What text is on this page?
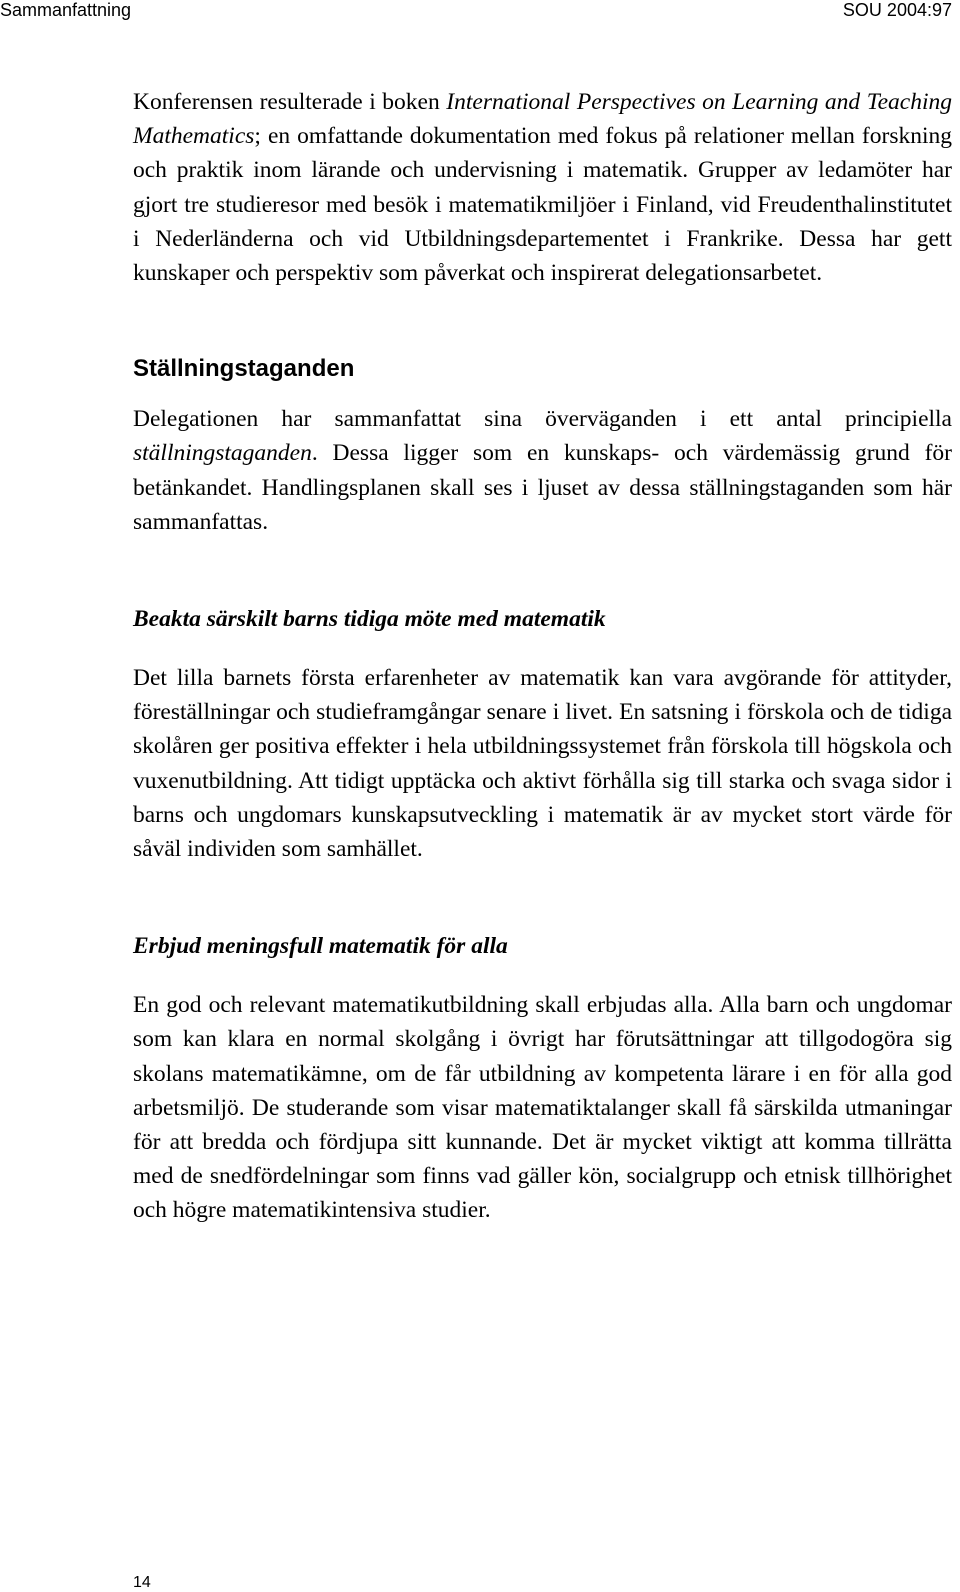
Sammanfattning	SOU 2004:97

Konferensen resulterade i boken International Perspectives on Learning and Teaching Mathematics; en omfattande dokumentation med fokus på relationer mellan forskning och praktik inom lärande och undervisning i matematik. Grupper av ledamöter har gjort tre studieresor med besök i matematikmiljöer i Finland, vid Freudenthalinstitutet i Nederländerna och vid Utbildningsdepartementet i Frankrike. Dessa har gett kunskaper och perspektiv som påverkat och inspirerat delegationsarbetet.

Ställningstaganden

Delegationen har sammanfattat sina överväganden i ett antal principiella ställningstaganden. Dessa ligger som en kunskaps- och värdemässig grund för betänkandet. Handlingsplanen skall ses i ljuset av dessa ställningstaganden som här sammanfattas.

Beakta särskilt barns tidiga möte med matematik

Det lilla barnets första erfarenheter av matematik kan vara avgörande för attityder, föreställningar och studieframgångar senare i livet. En satsning i förskola och de tidiga skolåren ger positiva effekter i hela utbildningssystemet från förskola till högskola och vuxenutbildning. Att tidigt upptäcka och aktivt förhålla sig till starka och svaga sidor i barns och ungdomars kunskapsutveckling i matematik är av mycket stort värde för såväl individen som samhället.

Erbjud meningsfull matematik för alla

En god och relevant matematikutbildning skall erbjudas alla. Alla barn och ungdomar som kan klara en normal skolgång i övrigt har förutsättningar att tillgodogöra sig skolans matematikämne, om de får utbildning av kompetenta lärare i en för alla god arbetsmiljö. De studerande som visar matematiktalanger skall få särskilda utmaningar för att bredda och fördjupa sitt kunnande. Det är mycket viktigt att komma tillrätta med de snedfördelningar som finns vad gäller kön, socialgrupp och etnisk tillhörighet och högre matematikintensiva studier.

14
